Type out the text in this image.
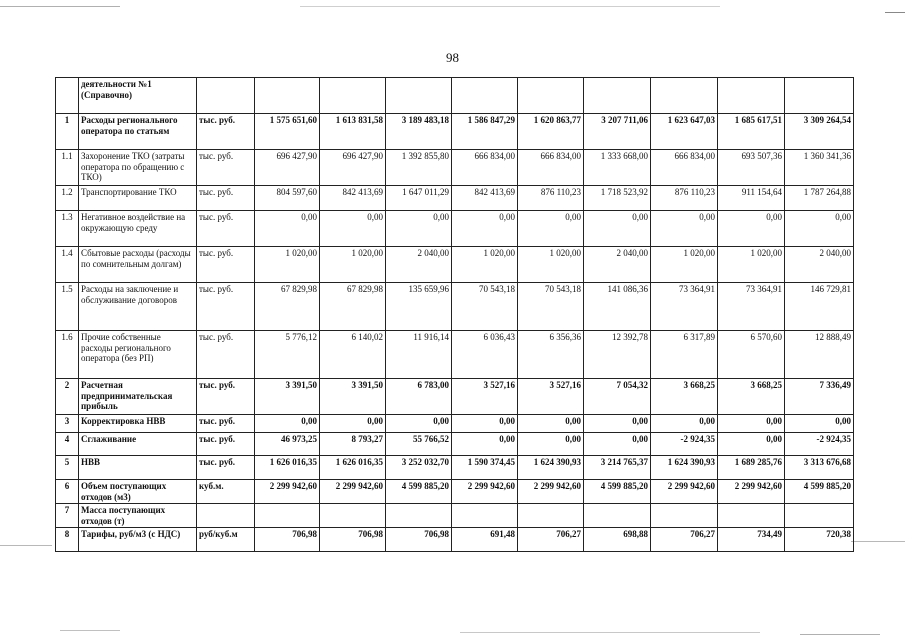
98
	деятельности №1 (Справочно)										
1	Расходы регионального оператора по статьям	тыс. руб.	1 575 651,60	1 613 831,58	3 189 483,18	1 586 847,29	1 620 863,77	3 207 711,06	1 623 647,03	1 685 617,51	3 309 264,54
1.1	Захоронение ТКО (затраты оператора по обращению с ТКО)	тыс. руб.	696 427,90	696 427,90	1 392 855,80	666 834,00	666 834,00	1 333 668,00	666 834,00	693 507,36	1 360 341,36
1.2	Транспортирование ТКО	тыс. руб.	804 597,60	842 413,69	1 647 011,29	842 413,69	876 110,23	1 718 523,92	876 110,23	911 154,64	1 787 264,88
1.3	Негативное воздействие на окружающую среду	тыс. руб.	0,00	0,00	0,00	0,00	0,00	0,00	0,00	0,00	0,00
1.4	Сбытовые расходы (расходы по сомнительным долгам)	тыс. руб.	1 020,00	1 020,00	2 040,00	1 020,00	1 020,00	2 040,00	1 020,00	1 020,00	2 040,00
1.5	Расходы на заключение и обслуживание договоров	тыс. руб.	67 829,98	67 829,98	135 659,96	70 543,18	70 543,18	141 086,36	73 364,91	73 364,91	146 729,81
1.6	Прочие собственные расходы регионального оператора (без РП)	тыс. руб.	5 776,12	6 140,02	11 916,14	6 036,43	6 356,36	12 392,78	6 317,89	6 570,60	12 888,49
2	Расчетная предпринимательская прибыль	тыс. руб.	3 391,50	3 391,50	6 783,00	3 527,16	3 527,16	7 054,32	3 668,25	3 668,25	7 336,49
3	Корректировка НВВ	тыс. руб.	0,00	0,00	0,00	0,00	0,00	0,00	0,00	0,00	0,00
4	Сглаживание	тыс. руб.	46 973,25	8 793,27	55 766,52	0,00	0,00	0,00	-2 924,35	0,00	-2 924,35
5	НВВ	тыс. руб.	1 626 016,35	1 626 016,35	3 252 032,70	1 590 374,45	1 624 390,93	3 214 765,37	1 624 390,93	1 689 285,76	3 313 676,68
6	Объем поступающих отходов (м3)	куб.м.	2 299 942,60	2 299 942,60	4 599 885,20	2 299 942,60	2 299 942,60	4 599 885,20	2 299 942,60	2 299 942,60	4 599 885,20
7	Масса поступающих отходов (т)										
8	Тарифы, руб/м3 (с НДС)	руб/куб.м	706,98	706,98	706,98	691,48	706,27	698,88	706,27	734,49	720,38
